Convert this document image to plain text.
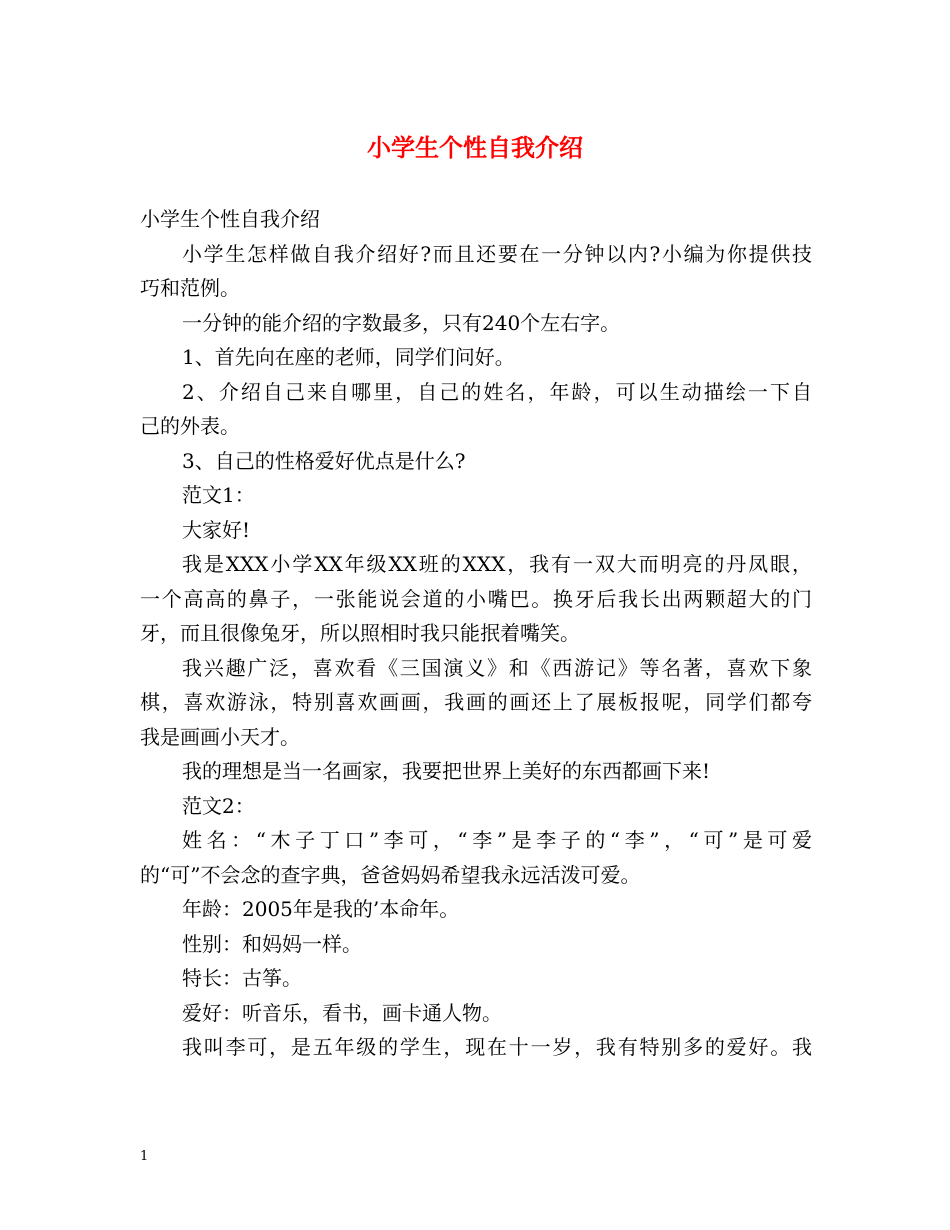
小学生个性自我介绍

小学生个性自我介绍

小学生怎样做自我介绍好?而且还要在一分钟以内?小编为你提供技

巧和范例。

一分钟的能介绍的字数最多，只有240个左右字。

1、首先向在座的老师，同学们问好。

2、介绍自己来自哪里，自己的姓名，年龄，可以生动描绘一下自

己的外表。

3、自己的性格爱好优点是什么?

范文1：

大家好!

我是XXX小学XX年级XX班的XXX，我有一双大而明亮的丹凤眼，

一个高高的鼻子，一张能说会道的小嘴巴。换牙后我长出两颗超大的门

牙，而且很像兔牙，所以照相时我只能抿着嘴笑。

我兴趣广泛，喜欢看《三国演义》和《西游记》等名著，喜欢下象

棋，喜欢游泳，特别喜欢画画，我画的画还上了展板报呢，同学们都夸

我是画画小天才。

我的理想是当一名画家，我要把世界上美好的东西都画下来!

范文2：

姓名：“木子丁口”李可，“李”是李子的“李”，“可”是可爱

的“可”不会念的查字典，爸爸妈妈希望我永远活泼可爱。

年龄：2005年是我的’本命年。

性别：和妈妈一样。

特长：古筝。

爱好：听音乐，看书，画卡通人物。

我叫李可，是五年级的学生，现在十一岁，我有特别多的爱好。我

1
